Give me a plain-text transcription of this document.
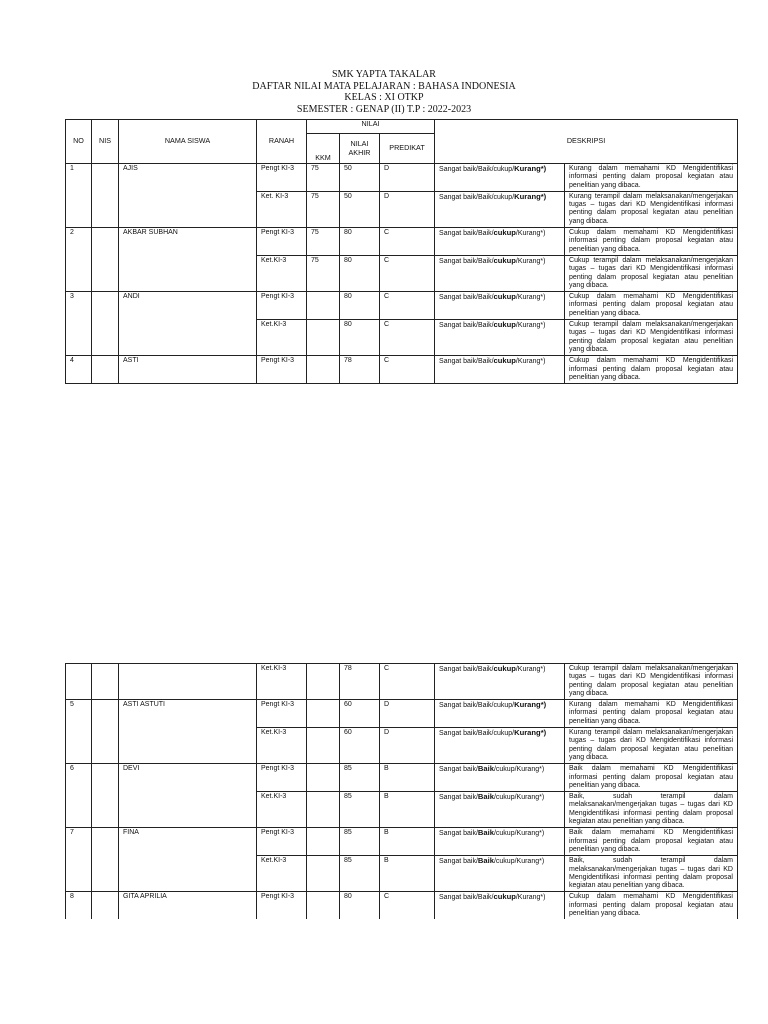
SMK YAPTA TAKALAR
DAFTAR NILAI MATA PELAJARAN : BAHASA INDONESIA
KELAS : XI OTKP
SEMESTER : GENAP (II) T.P : 2022-2023
NO	NIS	NAMA SISWA	RANAH	NILAI			DESKRIPSI	
				KKM	NILAI AKHIR	PREDIKAT		
1		AJIS	Pengt KI-3	75	50	D	Sangat baik/Baik/cukup/Kurang*)	Kurang dalam memahami KD Mengidentifikasi informasi penting dalam proposal kegiatan atau penelitian yang dibaca.
			Ket. KI-3	75	50	D	Sangat baik/Baik/cukup/Kurang*)	Kurang terampil dalam melaksanakan/mengerjakan tugas – tugas dari KD Mengidentifikasi informasi penting dalam proposal kegiatan atau penelitian yang dibaca.
2		AKBAR SUBHAN	Pengt KI-3	75	80	C	Sangat baik/Baik/cukup/Kurang*)	Cukup dalam memahami KD Mengidentifikasi informasi penting dalam proposal kegiatan atau penelitian yang dibaca.
			Ket.KI-3	75	80	C	Sangat baik/Baik/cukup/Kurang*)	Cukup terampil dalam melaksanakan/mengerjakan tugas – tugas dari KD Mengidentifikasi informasi penting dalam proposal kegiatan atau penelitian yang dibaca.
3		ANDI	Pengt KI-3		80	C	Sangat baik/Baik/cukup/Kurang*)	Cukup dalam memahami KD Mengidentifikasi informasi penting dalam proposal kegiatan atau penelitian yang dibaca.
			Ket.KI-3		80	C	Sangat baik/Baik/cukup/Kurang*)	Cukup terampil dalam melaksanakan/mengerjakan tugas – tugas dari KD Mengidentifikasi informasi penting dalam proposal kegiatan atau penelitian yang dibaca.
4		ASTI	Pengt KI-3		78	C	Sangat baik/Baik/cukup/Kurang*)	Cukup dalam memahami KD Mengidentifikasi informasi penting dalam proposal kegiatan atau penelitian yang dibaca.
			Ket.KI-3		78	C	Sangat baik/Baik/cukup/Kurang*)	Cukup terampil dalam melaksanakan/mengerjakan tugas – tugas dari KD Mengidentifikasi informasi penting dalam proposal kegiatan atau penelitian yang dibaca.
5		ASTI ASTUTI	Pengt KI-3		60	D	Sangat baik/Baik/cukup/Kurang*)	Kurang dalam memahami KD Mengidentifikasi informasi penting dalam proposal kegiatan atau penelitian yang dibaca.
			Ket.KI-3		60	D	Sangat baik/Baik/cukup/Kurang*)	Kurang terampil dalam melaksanakan/mengerjakan tugas – tugas dari KD Mengidentifikasi informasi penting dalam proposal kegiatan atau penelitian yang dibaca.
6		DEVI	Pengt KI-3		85	B	Sangat baik/Baik/cukup/Kurang*)	Baik dalam memahami KD Mengidentifikasi informasi penting dalam proposal kegiatan atau penelitian yang dibaca.
			Ket.KI-3		85	B	Sangat baik/Baik/cukup/Kurang*)	Baik, sudah terampil dalam melaksanakan/mengerjakan tugas – tugas dari KD Mengidentifikasi informasi penting dalam proposal kegiatan atau penelitian yang dibaca.
7		FINA	Pengt KI-3		85	B	Sangat baik/Baik/cukup/Kurang*)	Baik dalam memahami KD Mengidentifikasi informasi penting dalam proposal kegiatan atau penelitian yang dibaca.
			Ket.KI-3		85	B	Sangat baik/Baik/cukup/Kurang*)	Baik, sudah terampil dalam melaksanakan/mengerjakan tugas – tugas dari KD Mengidentifikasi informasi penting dalam proposal kegiatan atau penelitian yang dibaca.
8		GITA APRILIA	Pengt KI-3		80	C	Sangat baik/Baik/cukup/Kurang*)	Cukup dalam memahami KD Mengidentifikasi informasi penting dalam proposal kegiatan atau penelitian yang dibaca.
